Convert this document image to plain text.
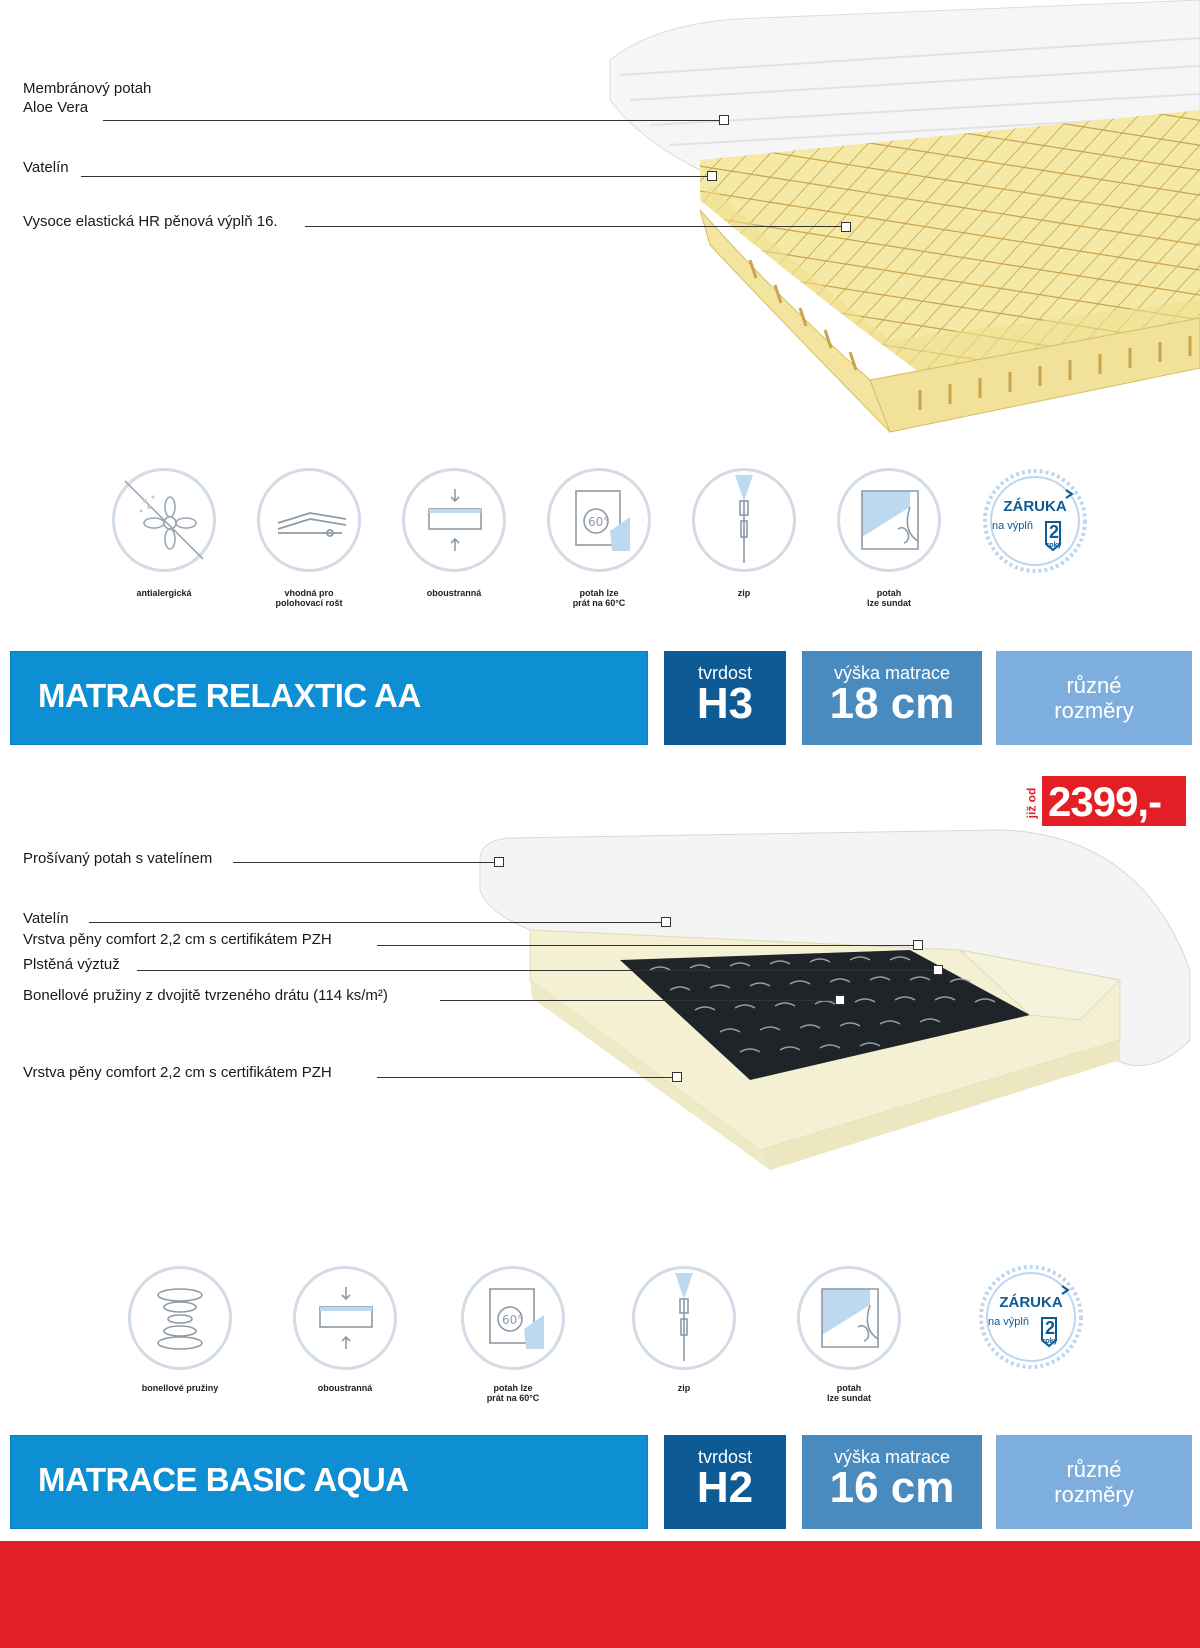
Membránový potah
Aloe Vera
Vatelín
Vysoce elastická HR pěnová výplň 16.
60°
ZÁRUKA
na výplň 2
roky
antialergická	vhodná pro
polohovací rošt
oboustranná	potah lze
prát na 60°C
zip	potah
lze sundat
MATRACE RELAXTIC AA
tvrdost
H3
výška matrace
18 cm	různé
rozměry
již od 2399,-
Prošívaný potah s vatelínem
Vatelín
Vrstva pěny comfort 2,2 cm s certifikátem PZH
Plstěná výztuž
Bonellové pružiny z dvojitě tvrzeného drátu (114 ks/m²)
Vrstva pěny comfort 2,2 cm s certifikátem PZH
60°
ZÁRUKA
na výplň 2
roky
bonellové pružiny	oboustranná	potah lze
prát na 60°C
zip	potah
lze sundat
MATRACE BASIC AQUA
tvrdost
H2
výška matrace
16 cm	různé
rozměry
